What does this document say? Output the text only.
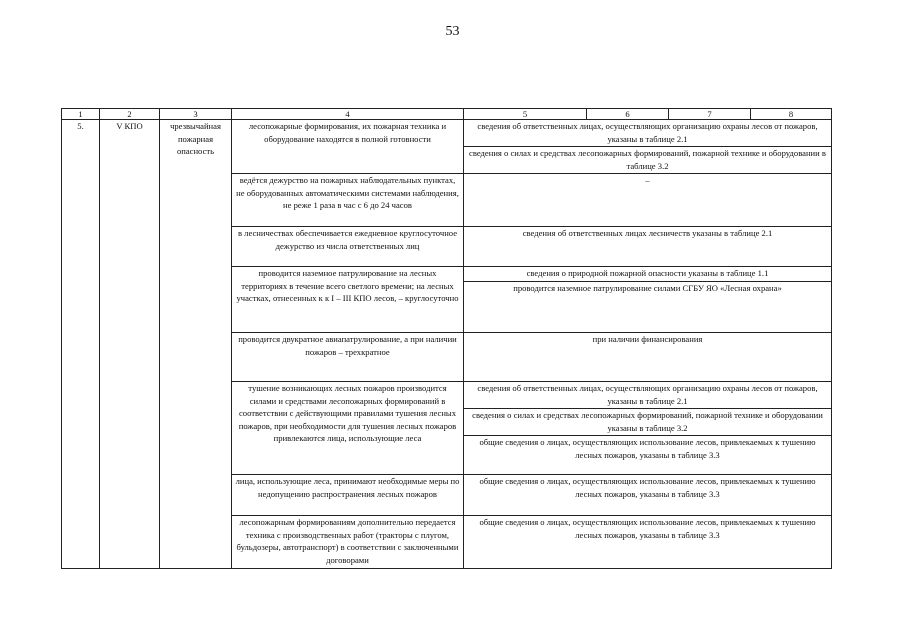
53
1	2	3	4	5	6	7	8
5.	V КПО	чрезвычайная пожарная опасность	лесопожарные формирования, их пожарная техника и оборудование находятся в полной готовности	сведения об ответственных лицах, осуществляющих организацию охраны лесов от пожаров, указаны в таблице 2.1			
				сведения о силах и средствах лесопожарных формирований, пожарной технике и оборудовании в таблице 3.2			
			ведётся дежурство на пожарных наблюдательных пунктах, не оборудованных автоматическими системами наблюдения, не реже 1 раза в час с 6 до 24 часов	–			
			в лесничествах обеспечивается ежедневное круглосуточное дежурство из числа ответственных лиц	сведения об ответственных лицах лесничеств указаны в таблице 2.1			
			проводится наземное патрулирование на лесных территориях в течение всего светлого времени; на лесных участках, отнесенных к к I – III КПО лесов, – круглосуточно	сведения о природной пожарной опасности указаны в таблице 1.1			
				проводится наземное патрулирование силами СГБУ ЯО «Лесная охрана»			
			проводится двукратное авиапатрулирование, а при наличии пожаров – трехкратное	при наличии финансирования			
			тушение возникающих лесных пожаров производится силами и средствами лесопожарных формирований в соответствии с действующими правилами тушения лесных пожаров, при необходимости для тушения лесных пожаров привлекаются лица, использующие леса	сведения об ответственных лицах, осуществляющих организацию охраны лесов от пожаров, указаны в таблице 2.1			
				сведения о силах и средствах лесопожарных формирований, пожарной технике и оборудовании указаны в таблице 3.2			
				общие сведения о лицах, осуществляющих использование лесов, привлекаемых к тушению лесных пожаров, указаны в таблице 3.3			
			лица, использующие леса, принимают необходимые меры по недопущению распространения лесных пожаров	общие сведения о лицах, осуществляющих использование лесов, привлекаемых к тушению лесных пожаров, указаны в таблице 3.3			
			лесопожарным формированиям дополнительно передается техника с производственных работ (тракторы с плугом, бульдозеры, автотранспорт) в соответствии с заключенными договорами	общие сведения о лицах, осуществляющих использование лесов, привлекаемых к тушению лесных пожаров, указаны в таблице 3.3			
